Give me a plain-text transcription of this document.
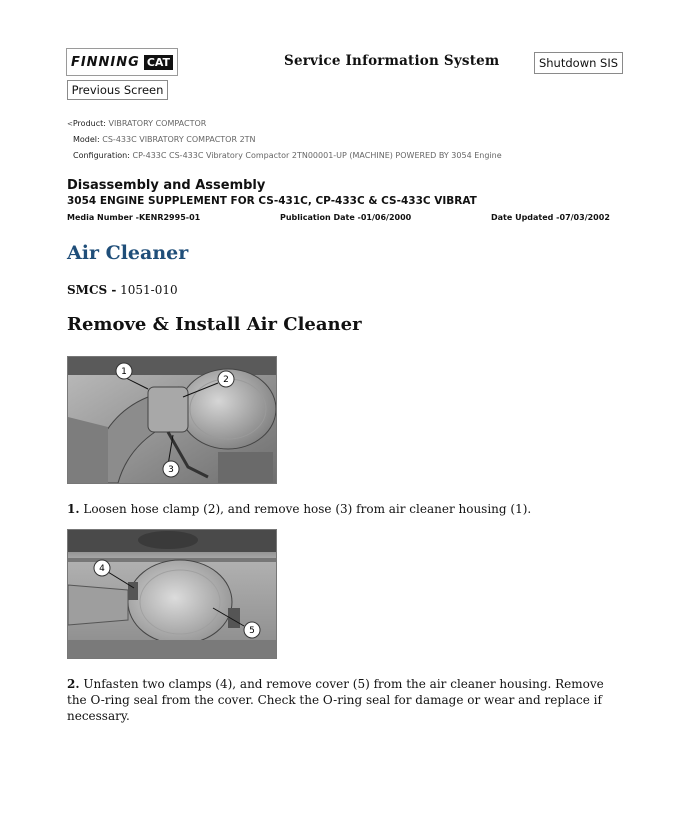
FINNING CAT	Service Information System	Shutdown SIS
Previous Screen
<Product: VIBRATORY COMPACTOR
Model: CS-433C VIBRATORY COMPACTOR 2TN
Configuration: CP-433C CS-433C Vibratory Compactor 2TN00001-UP (MACHINE) POWERED BY 3054 Engine
Disassembly and Assembly
3054 ENGINE SUPPLEMENT FOR CS-431C, CP-433C & CS-433C VIBRAT
Media Number -KENR2995-01	Publication Date -01/06/2000	Date Updated -07/03/2002
Air Cleaner
SMCS - 1051-010
Remove & Install Air Cleaner
1
2
3
1. Loosen hose clamp (2), and remove hose (3) from air cleaner housing (1).
4
5
2. Unfasten two clamps (4), and remove cover (5) from the air cleaner housing. Remove the O-ring seal from the cover. Check the O-ring seal for damage or wear and replace if necessary.
